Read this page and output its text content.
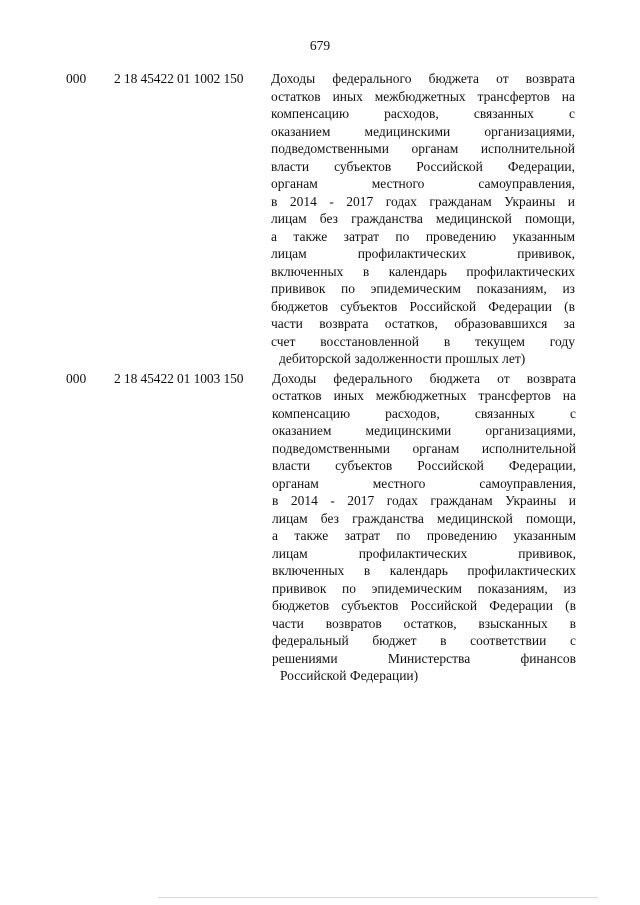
679
000 2 18 45422 01 1002 150 Доходы федерального бюджета от возврата
остатков иных межбюджетных трансфертов на
компенсацию расходов, связанных с
оказанием медицинскими организациями,
подведомственными органам исполнительной
власти субъектов Российской Федерации,
органам местного самоуправления,
в 2014 - 2017 годах гражданам Украины и
лицам без гражданства медицинской помощи,
а также затрат по проведению указанным
лицам профилактических прививок,
включенных в календарь профилактических
прививок по эпидемическим показаниям, из
бюджетов субъектов Российской Федерации (в
части возврата остатков, образовавшихся за
счет восстановленной в текущем году
дебиторской задолженности прошлых лет)
000 2 18 45422 01 1003 150 Доходы федерального бюджета от возврата
остатков иных межбюджетных трансфертов на
компенсацию расходов, связанных с
оказанием медицинскими организациями,
подведомственными органам исполнительной
власти субъектов Российской Федерации,
органам местного самоуправления,
в 2014 - 2017 годах гражданам Украины и
лицам без гражданства медицинской помощи,
а также затрат по проведению указанным
лицам профилактических прививок,
включенных в календарь профилактических
прививок по эпидемическим показаниям, из
бюджетов субъектов Российской Федерации (в
части возвратов остатков, взысканных в
федеральный бюджет в соответствии с
решениями Министерства финансов
Российской Федерации)
